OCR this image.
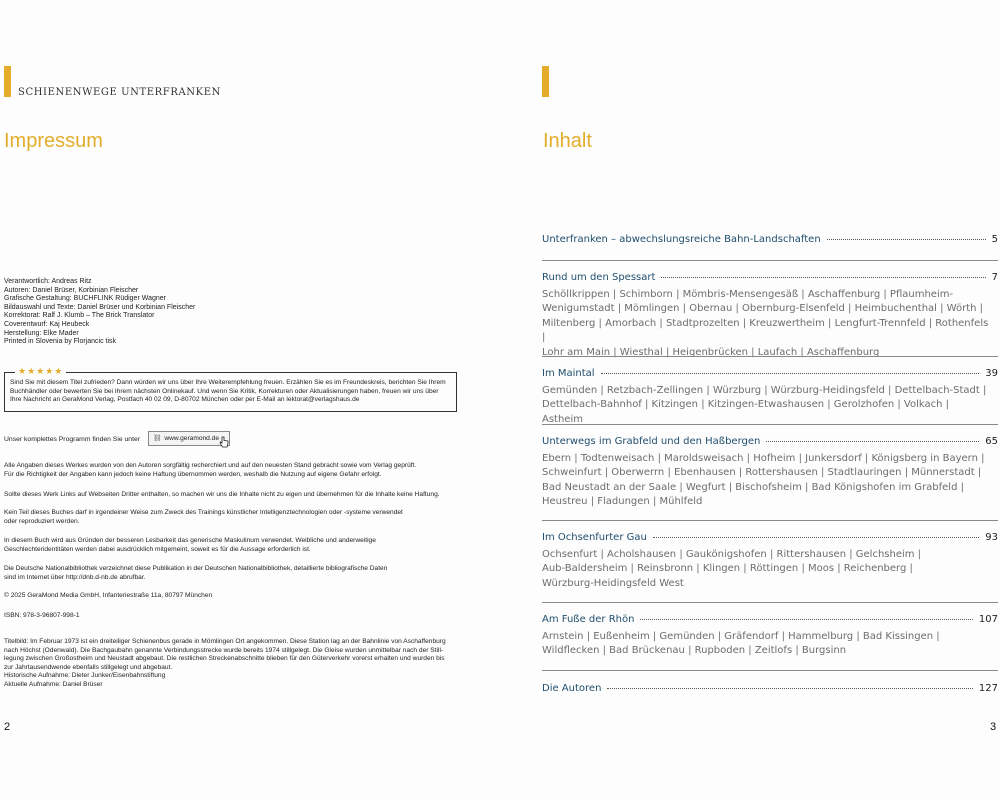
SCHIENENWEGE UNTERFRANKEN
Impressum
Verantwortlich: Andreas Ritz
Autoren: Daniel Brüser, Korbinian Fleischer
Grafische Gestaltung: BUCHFLINK Rüdiger Wagner
Bildauswahl und Texte: Daniel Brüser und Korbinian Fleischer
Korrektorat: Ralf J. Klumb – The Brick Translator
Coverentwurf: Kaj Heubeck
Herstellung: Elke Mader
Printed in Slovenia by Florjancic tisk
★★★★★
Sind Sie mit diesem Titel zufrieden? Dann würden wir uns über Ihre Weiterempfehlung freuen. Erzählen Sie es im Freundeskreis, berichten Sie Ihrem
Buchhändler oder bewerten Sie bei Ihrem nächsten Onlinekauf. Und wenn Sie Kritik, Korrekturen oder Aktualisierungen haben, freuen wir uns über
Ihre Nachricht an GeraMond Verlag, Postfach 40 02 09, D-80702 München oder per E-Mail an lektorat@verlagshaus.de
Unser komplettes Programm finden Sie unter	⛓ www.geramond.de
Alle Angaben dieses Werkes wurden von den Autoren sorgfältig recherchiert und auf den neuesten Stand gebracht sowie vom Verlag geprüft.
Für die Richtigkeit der Angaben kann jedoch keine Haftung übernommen werden, weshalb die Nutzung auf eigene Gefahr erfolgt.
Sollte dieses Werk Links auf Webseiten Dritter enthalten, so machen wir uns die Inhalte nicht zu eigen und übernehmen für die Inhalte keine Haftung.
Kein Teil dieses Buches darf in irgendeiner Weise zum Zweck des Trainings künstlicher Intelligenztechnologien oder -systeme verwendet
oder reproduziert werden.
In diesem Buch wird aus Gründen der besseren Lesbarkeit das generische Maskulinum verwendet. Weibliche und anderweitige
Geschlechteridentitäten werden dabei ausdrücklich mitgemeint, soweit es für die Aussage erforderlich ist.
Die Deutsche Nationalbibliothek verzeichnet diese Publikation in der Deutschen Nationalbibliothek, detaillierte bibliografische Daten
sind im Internet über http://dnb.d-nb.de abrufbar.
© 2025 GeraMond Media GmbH, Infanteriestraße 11a, 80797 München
ISBN: 978-3-96807-998-1
Titelbild: Im Februar 1973 ist ein dreiteiliger Schienenbus gerade in Mömlingen Ort angekommen. Diese Station lag an der Bahnlinie von Aschaffenburg
nach Höchst (Odenwald). Die Bachgaubahn genannte Verbindungsstrecke wurde bereits 1974 stillgelegt. Die Gleise wurden unmittelbar nach der Still-
legung zwischen Großostheim und Neustadt abgebaut. Die restlichen Streckenabschnitte blieben für den Güterverkehr vorerst erhalten und wurden bis
zur Jahrtausendwende ebenfalls stillgelegt und abgebaut.
Historische Aufnahme: Dieter Junker/Eisenbahnstiftung
Aktuelle Aufnahme: Daniel Brüser
2
Inhalt
Unterfranken – abwechslungsreiche Bahn-Landschaften	5
Rund um den Spessart	7
Schöllkrippen | Schimborn | Mömbris-Mensengesäß | Aschaffenburg | Pflaumheim-
Wenigumstadt | Mömlingen | Obernau | Obernburg-Elsenfeld | Heimbuchenthal | Wörth |
Miltenberg | Amorbach | Stadtprozelten | Kreuzwertheim | Lengfurt-Trennfeld | Rothenfels |
Lohr am Main | Wiesthal | Heigenbrücken | Laufach | Aschaffenburg
Im Maintal	39
Gemünden | Retzbach-Zellingen | Würzburg | Würzburg-Heidingsfeld | Dettelbach-Stadt |
Dettelbach-Bahnhof | Kitzingen | Kitzingen-Etwashausen | Gerolzhofen | Volkach | Astheim
Unterwegs im Grabfeld und den Haßbergen	65
Ebern | Todtenweisach | Maroldsweisach | Hofheim | Junkersdorf | Königsberg in Bayern |
Schweinfurt | Oberwerrn | Ebenhausen | Rottershausen | Stadtlauringen | Münnerstadt |
Bad Neustadt an der Saale | Wegfurt | Bischofsheim | Bad Königshofen im Grabfeld |
Heustreu | Fladungen | Mühlfeld
Im Ochsenfurter Gau	93
Ochsenfurt | Acholshausen | Gaukönigshofen | Rittershausen | Gelchsheim |
Aub-Baldersheim | Reinsbronn | Klingen | Röttingen | Moos | Reichenberg |
Würzburg-Heidingsfeld West
Am Fuße der Rhön	107
Arnstein | Eußenheim | Gemünden | Gräfendorf | Hammelburg | Bad Kissingen |
Wildflecken | Bad Brückenau | Rupboden | Zeitlofs | Burgsinn
Die Autoren	127
3
